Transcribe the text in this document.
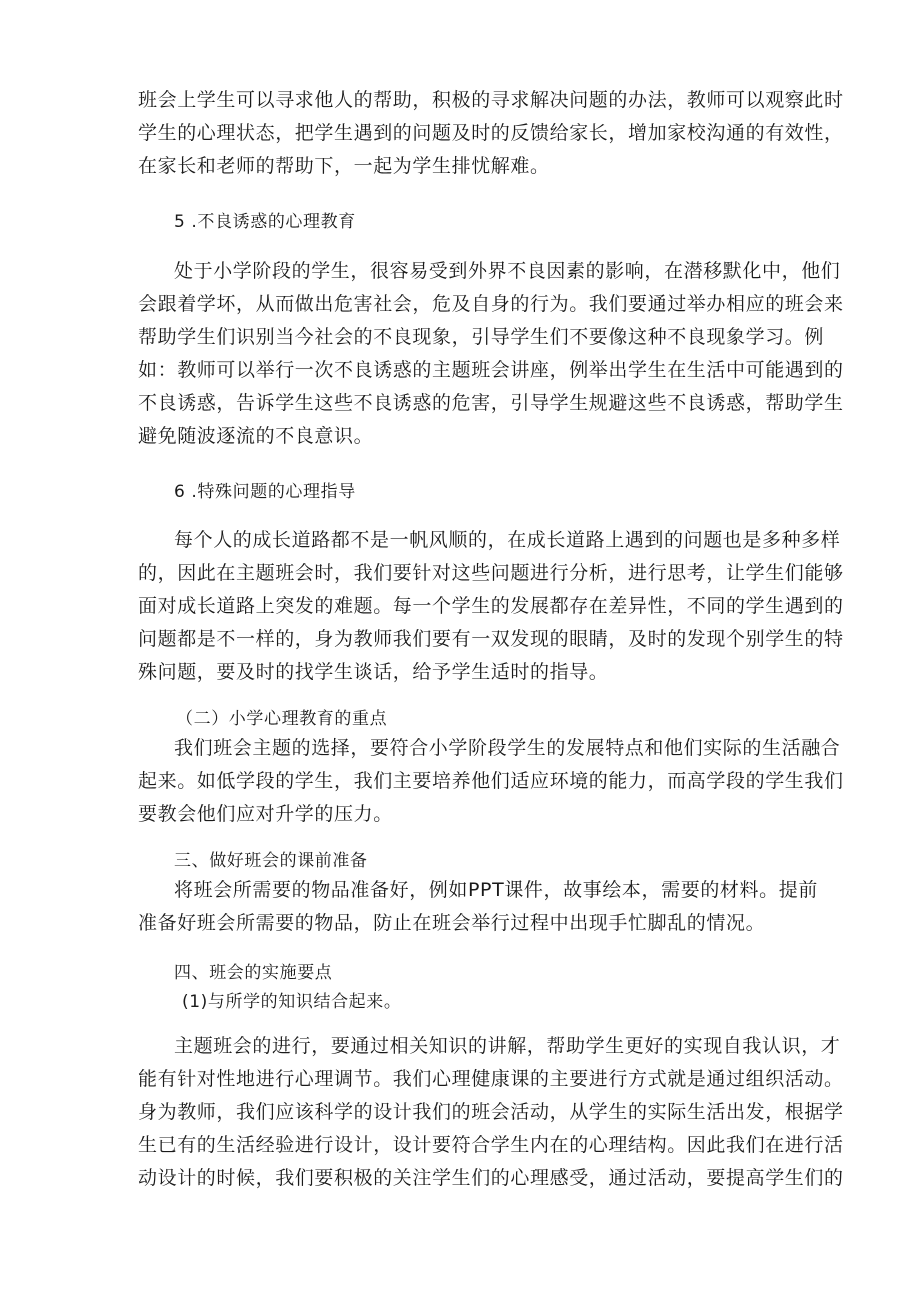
班会上学生可以寻求他人的帮助，积极的寻求解决问题的办法，教师可以观察此时
学生的心理状态，把学生遇到的问题及时的反馈给家长，增加家校沟通的有效性，
在家长和老师的帮助下，一起为学生排忧解难。
5 .不良诱惑的心理教育
处于小学阶段的学生，很容易受到外界不良因素的影响，在潜移默化中，他们
会跟着学坏，从而做出危害社会，危及自身的行为。我们要通过举办相应的班会来
帮助学生们识别当今社会的不良现象，引导学生们不要像这种不良现象学习。例
如：教师可以举行一次不良诱惑的主题班会讲座，例举出学生在生活中可能遇到的
不良诱惑，告诉学生这些不良诱惑的危害，引导学生规避这些不良诱惑，帮助学生
避免随波逐流的不良意识。
6 .特殊问题的心理指导
每个人的成长道路都不是一帆风顺的，在成长道路上遇到的问题也是多种多样
的，因此在主题班会时，我们要针对这些问题进行分析，进行思考，让学生们能够
面对成长道路上突发的难题。每一个学生的发展都存在差异性，不同的学生遇到的
问题都是不一样的，身为教师我们要有一双发现的眼睛，及时的发现个别学生的特
殊问题，要及时的找学生谈话，给予学生适时的指导。
（二）小学心理教育的重点
我们班会主题的选择，要符合小学阶段学生的发展特点和他们实际的生活融合
起来。如低学段的学生，我们主要培养他们适应环境的能力，而高学段的学生我们
要教会他们应对升学的压力。
三、做好班会的课前准备
将班会所需要的物品准备好，例如PPT课件，故事绘本，需要的材料。提前
准备好班会所需要的物品，防止在班会举行过程中出现手忙脚乱的情况。
四、班会的实施要点
(1)与所学的知识结合起来。
主题班会的进行，要通过相关知识的讲解，帮助学生更好的实现自我认识，才
能有针对性地进行心理调节。我们心理健康课的主要进行方式就是通过组织活动。
身为教师，我们应该科学的设计我们的班会活动，从学生的实际生活出发，根据学
生已有的生活经验进行设计，设计要符合学生内在的心理结构。因此我们在进行活
动设计的时候，我们要积极的关注学生们的心理感受，通过活动，要提高学生们的
